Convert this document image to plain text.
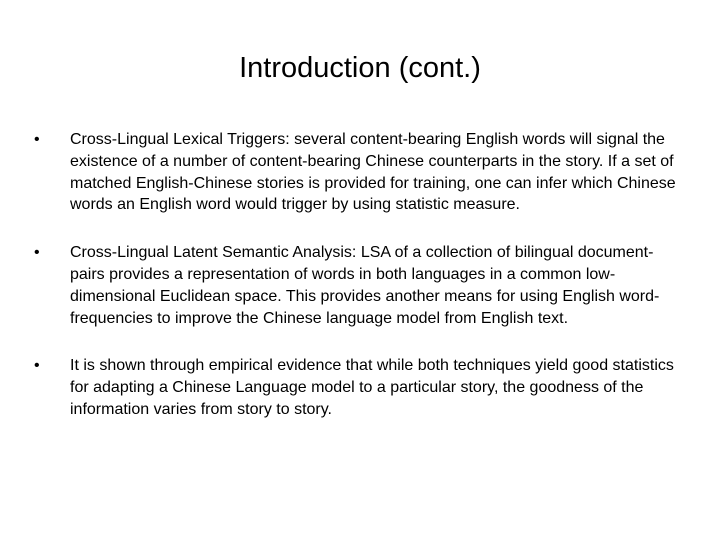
Introduction (cont.)
• Cross-Lingual Lexical Triggers: several content-bearing English words will signal the existence of a number of content-bearing Chinese counterparts in the story. If a set of matched English-Chinese stories is provided for training, one can infer which Chinese words an English word would trigger by using statistic measure.
• Cross-Lingual Latent Semantic Analysis: LSA of a collection of bilingual document-pairs provides a representation of words in both languages in a common low-dimensional Euclidean space. This provides another means for using English word-frequencies to improve the Chinese language model from English text.
• It is shown through empirical evidence that while both techniques yield good statistics for adapting a Chinese Language model to a particular story, the goodness of the information varies from story to story.
